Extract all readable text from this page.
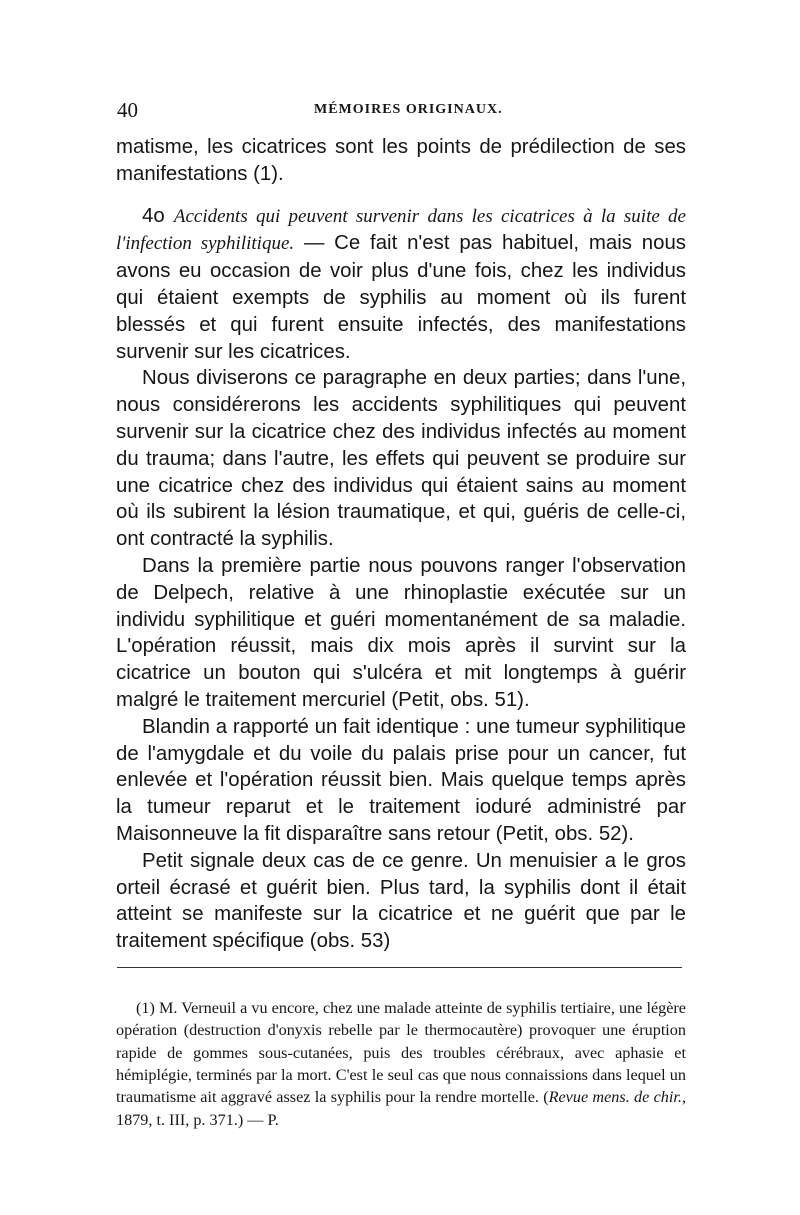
40	MÉMOIRES ORIGINAUX.

matisme, les cicatrices sont les points de prédilection de ses manifestations (1).

4o Accidents qui peuvent survenir dans les cicatrices à la suite de l'infection syphilitique. — Ce fait n'est pas habituel, mais nous avons eu occasion de voir plus d'une fois, chez les individus qui étaient exempts de syphilis au moment où ils furent blessés et qui furent ensuite infectés, des manifestations survenir sur les cicatrices.

Nous diviserons ce paragraphe en deux parties; dans l'une, nous considérerons les accidents syphilitiques qui peuvent survenir sur la cicatrice chez des individus infectés au moment du trauma; dans l'autre, les effets qui peuvent se produire sur une cicatrice chez des individus qui étaient sains au moment où ils subirent la lésion traumatique, et qui, guéris de celle-ci, ont contracté la syphilis.

Dans la première partie nous pouvons ranger l'observation de Delpech, relative à une rhinoplastie exécutée sur un individu syphilitique et guéri momentanément de sa maladie. L'opération réussit, mais dix mois après il survint sur la cicatrice un bouton qui s'ulcéra et mit longtemps à guérir malgré le traitement mercuriel (Petit, obs. 51).

Blandin a rapporté un fait identique : une tumeur syphilitique de l'amygdale et du voile du palais prise pour un cancer, fut enlevée et l'opération réussit bien. Mais quelque temps après la tumeur reparut et le traitement ioduré administré par Maisonneuve la fit disparaître sans retour (Petit, obs. 52).

Petit signale deux cas de ce genre. Un menuisier a le gros orteil écrasé et guérit bien. Plus tard, la syphilis dont il était atteint se manifeste sur la cicatrice et ne guérit que par le traitement spécifique (obs. 53)

(1) M. Verneuil a vu encore, chez une malade atteinte de syphilis tertiaire, une légère opération (destruction d'onyxis rebelle par le thermocautère) provoquer une éruption rapide de gommes sous-cutanées, puis des troubles cérébraux, avec aphasie et hémiplégie, terminés par la mort. C'est le seul cas que nous connaissions dans lequel un traumatisme ait aggravé assez la syphilis pour la rendre mortelle. (Revue mens. de chir., 1879, t. III, p. 371.) — P.
